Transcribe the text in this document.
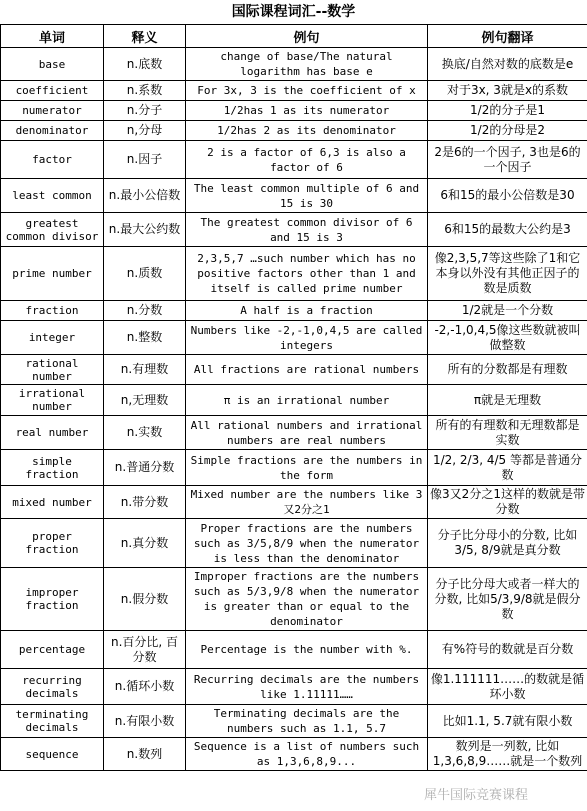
国际课程词汇--数学
单词	释义	例句	例句翻译
base	n.底数	change of base/The natural logarithm has base e	换底/自然对数的底数是e
coefficient	n.系数	For 3x, 3 is the coefficient of x	对于3x, 3就是x的系数
numerator	n.分子	1/2has 1 as its numerator	1/2的分子是1
denominator	n,分母	1/2has 2 as its denominator	1/2的分母是2
factor	n.因子	2 is a factor of 6,3 is also a factor of 6	2是6的一个因子, 3也是6的一个因子
least common	n.最小公倍数	The least common multiple of 6 and 15 is 30	6和15的最小公倍数是30
greatest common divisor	n.最大公约数	The greatest common divisor of 6 and 15 is 3	6和15的最数大公约是3
prime number	n.质数	2,3,5,7 …such number which has no positive factors other than 1 and itself is called prime number	像2,3,5,7等这些除了1和它本身以外没有其他正因子的数是质数
fraction	n.分数	A half is a fraction	1/2就是一个分数
integer	n.整数	Numbers like -2,-1,0,4,5 are called integers	-2,-1,0,4,5像这些数就被叫做整数
rational number	n.有理数	All fractions are rational numbers	所有的分数都是有理数
irrational number	n,无理数	π is an irrational number	π就是无理数
real number	n.实数	All rational numbers and irrational numbers are real numbers	所有的有理数和无理数都是实数
simple fraction	n.普通分数	Simple fractions are the numbers in the form	1/2, 2/3, 4/5 等都是普通分数
mixed number	n.带分数	Mixed number are the numbers like 3又2分之1	像3又2分之1这样的数就是带分数
proper fraction	n.真分数	Proper fractions are the numbers such as 3/5,8/9 when the numerator is less than the denominator	分子比分母小的分数, 比如3/5, 8/9就是真分数
improper fraction	n.假分数	Improper fractions are the numbers such as 5/3,9/8 when the numerator is greater than or equal to the denominator	分子比分母大或者一样大的分数, 比如5/3,9/8就是假分数
percentage	n.百分比, 百分数	Percentage is the number with %.	有%符号的数就是百分数
recurring decimals	n.循环小数	Recurring decimals are the numbers like 1.11111……	像1.111111……的数就是循环小数
terminating decimals	n.有限小数	Terminating decimals are the numbers such as 1.1, 5.7	比如1.1, 5.7就有限小数
sequence	n.数列	Sequence is a list of numbers such as 1,3,6,8,9...	数列是一列数, 比如1,3,6,8,9……就是一个数列
犀牛国际竞赛课程
